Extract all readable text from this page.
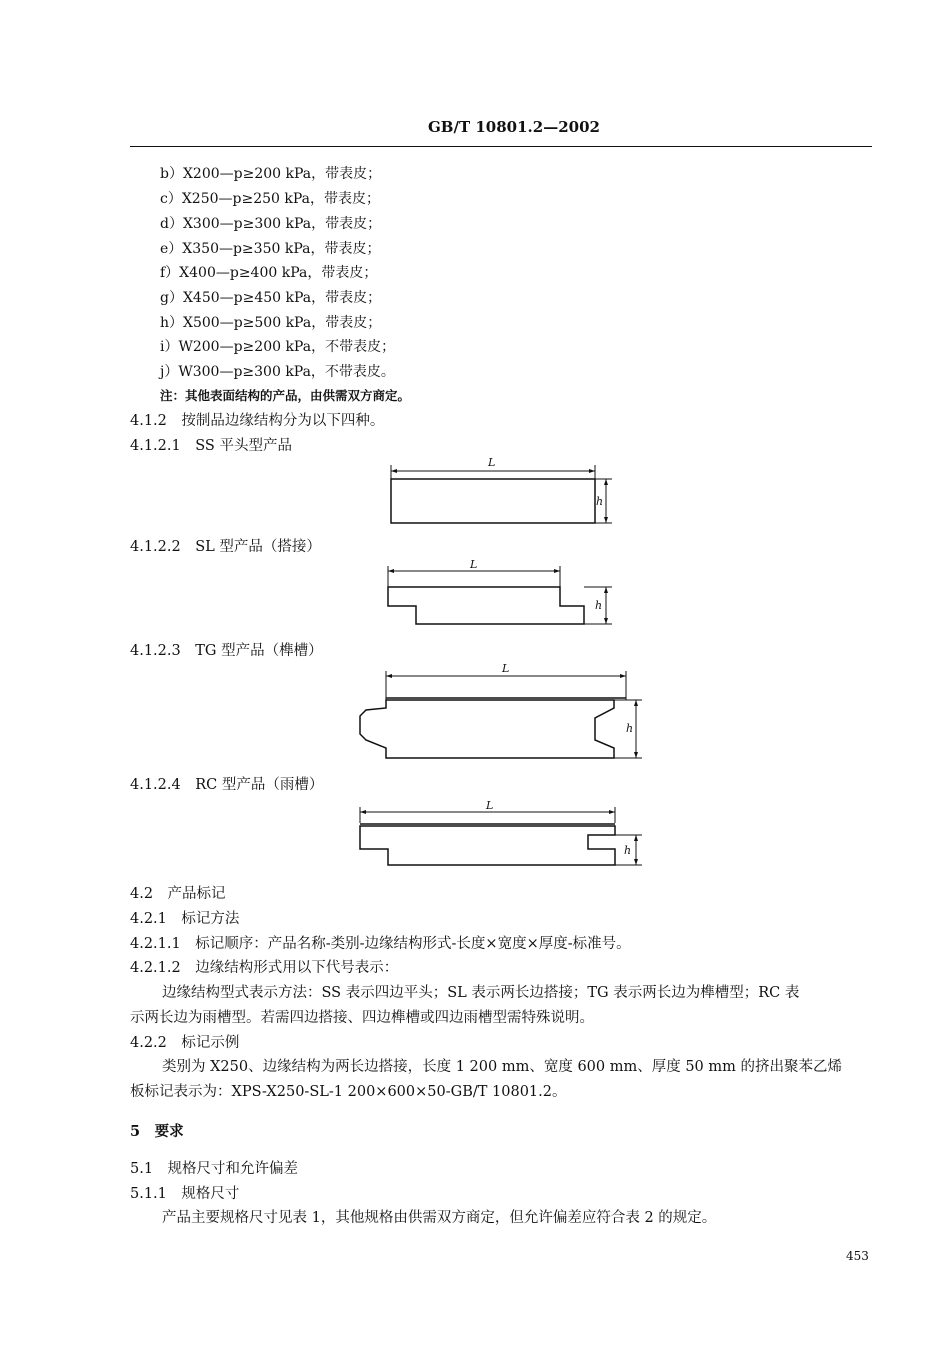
GB/T 10801.2—2002
b）X200—p≥200 kPa，带表皮；
c）X250—p≥250 kPa，带表皮；
d）X300—p≥300 kPa，带表皮；
e）X350—p≥350 kPa，带表皮；
f）X400—p≥400 kPa，带表皮；
g）X450—p≥450 kPa，带表皮；
h）X500—p≥500 kPa，带表皮；
i）W200—p≥200 kPa，不带表皮；
j）W300—p≥300 kPa，不带表皮。
注：其他表面结构的产品，由供需双方商定。
4.1.2　按制品边缘结构分为以下四种。
4.1.2.1　SS 平头型产品
L
h
4.1.2.2　SL 型产品（搭接）
L
h
4.1.2.3　TG 型产品（榫槽）
L
h
4.1.2.4　RC 型产品（雨槽）
L
h
4.2　产品标记
4.2.1　标记方法
4.2.1.1　标记顺序：产品名称-类别-边缘结构形式-长度×宽度×厚度-标准号。
4.2.1.2　边缘结构形式用以下代号表示：
边缘结构型式表示方法：SS 表示四边平头；SL 表示两长边搭接；TG 表示两长边为榫槽型；RC 表
示两长边为雨槽型。若需四边搭接、四边榫槽或四边雨槽型需特殊说明。
4.2.2　标记示例
类别为 X250、边缘结构为两长边搭接，长度 1 200 mm、宽度 600 mm、厚度 50 mm 的挤出聚苯乙烯
板标记表示为：XPS-X250-SL-1 200×600×50-GB/T 10801.2。
5　要求
5.1　规格尺寸和允许偏差
5.1.1　规格尺寸
产品主要规格尺寸见表 1，其他规格由供需双方商定，但允许偏差应符合表 2 的规定。
453
